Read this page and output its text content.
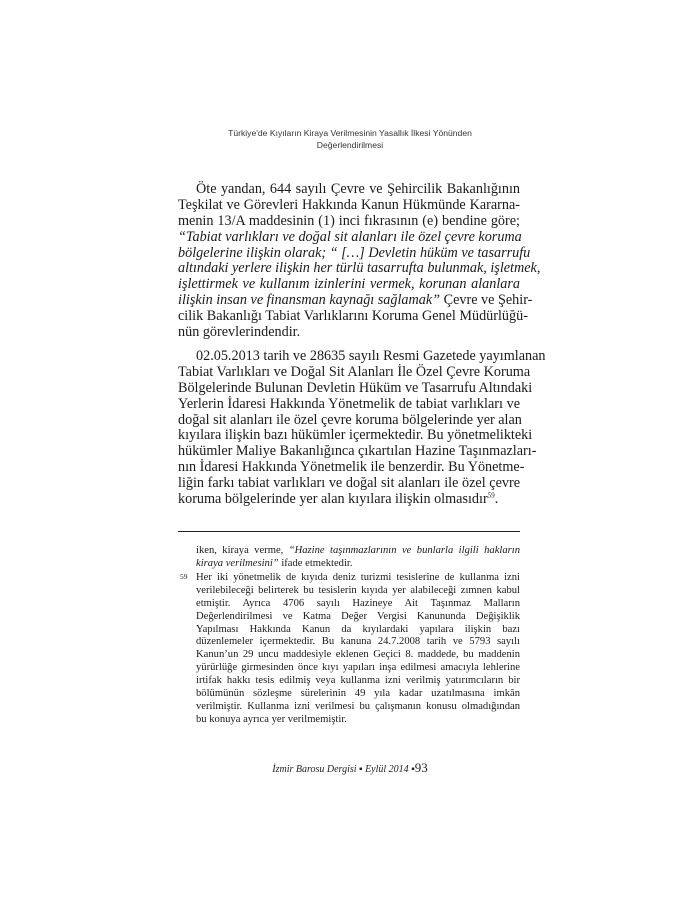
Türkiye'de Kıyıların Kiraya Verilmesinin Yasallık İlkesi Yönünden
Değerlendirilmesi
Öte yandan, 644 sayılı Çevre ve Şehircilik Bakanlığının
Teşkilat ve Görevleri Hakkında Kanun Hükmünde Kararna-
menin 13/A maddesinin (1) inci fıkrasının (e) bendine göre;
“Tabiat varlıkları ve doğal sit alanları ile özel çevre koruma
bölgelerine ilişkin olarak; “ […] Devletin hüküm ve tasarrufu
altındaki yerlere ilişkin her türlü tasarrufta bulunmak, işletmek,
işlettirmek ve kullanım izinlerini vermek, korunan alanlara
ilişkin insan ve finansman kaynağı sağlamak” Çevre ve Şehir-
cilik Bakanlığı Tabiat Varlıklarını Koruma Genel Müdürlüğü-
nün görevlerindendir.
02.05.2013 tarih ve 28635 sayılı Resmi Gazetede yayımlanan
Tabiat Varlıkları ve Doğal Sit Alanları İle Özel Çevre Koruma
Bölgelerinde Bulunan Devletin Hüküm ve Tasarrufu Altındaki
Yerlerin İdaresi Hakkında Yönetmelik de tabiat varlıkları ve
doğal sit alanları ile özel çevre koruma bölgelerinde yer alan
kıyılara ilişkin bazı hükümler içermektedir. Bu yönetmelikteki
hükümler Maliye Bakanlığınca çıkartılan Hazine Taşınmazları-
nın İdaresi Hakkında Yönetmelik ile benzerdir. Bu Yönetme-
liğin farkı tabiat varlıkları ve doğal sit alanları ile özel çevre
koruma bölgelerinde yer alan kıyılara ilişkin olmasıdır$^{59}$.
iken, kiraya verme, “Hazine taşınmazlarının ve bunlarla ilgili hakların
kiraya verilmesini” ifade etmektedir.
59 Her iki yönetmelik de kıyıda deniz turizmi tesislerine de kullanma izni
verilebileceği belirterek bu tesislerin kıyıda yer alabileceği zımnen kabul
etmiştir. Ayrıca 4706 sayılı Hazineye Ait Taşınmaz Malların
Değerlendirilmesi ve Katma Değer Vergisi Kanununda Değişiklik
Yapılması Hakkında Kanun da kıyılardaki yapılara ilişkin bazı
düzenlemeler içermektedir. Bu kanuna 24.7.2008 tarih ve 5793 sayılı
Kanun’un 29 uncu maddesiyle eklenen Geçici 8. maddede, bu maddenin
yürürlüğe girmesinden önce kıyı yapıları inşa edilmesi amacıyla lehlerine
irtifak hakkı tesis edilmiş veya kullanma izni verilmiş yatırımcıların bir
bölümünün sözleşme sürelerinin 49 yıla kadar uzatılmasına imkân
verilmiştir. Kullanma izni verilmesi bu çalışmanın konusu olmadığından
bu konuya ayrıca yer verilmemiştir.
İzmir Barosu Dergisi ▪ Eylül 2014 ▪93
